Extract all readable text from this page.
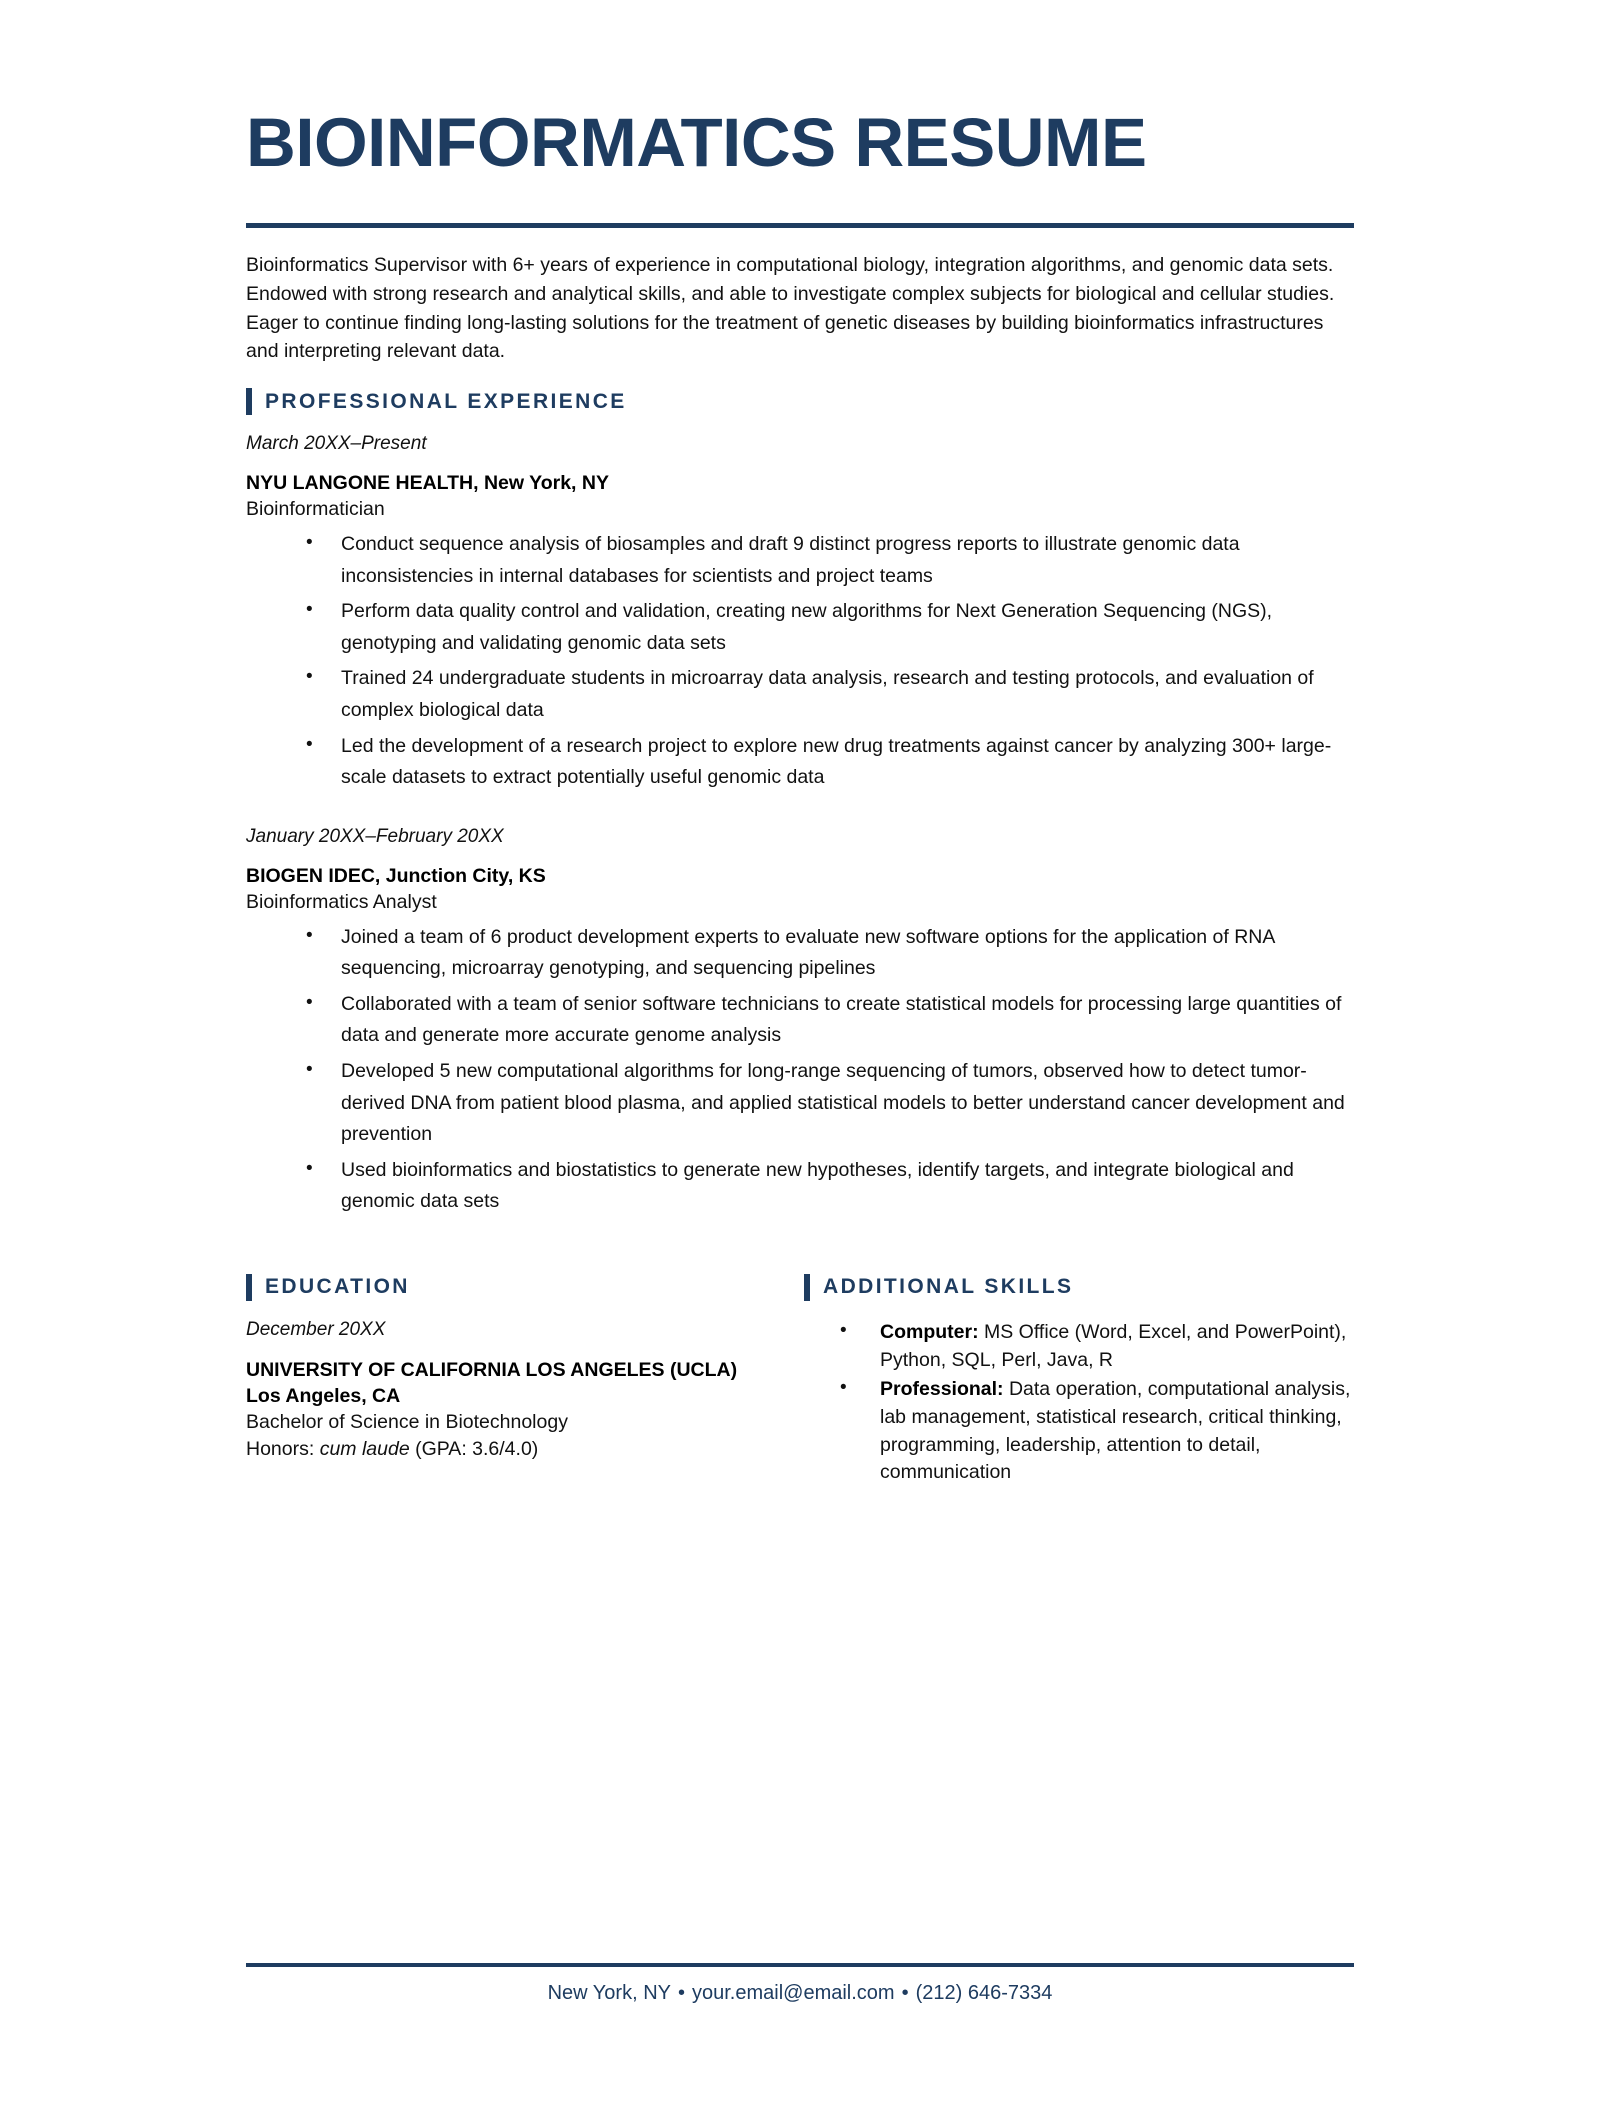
BIOINFORMATICS RESUME

Bioinformatics Supervisor with 6+ years of experience in computational biology, integration algorithms, and genomic data sets. Endowed with strong research and analytical skills, and able to investigate complex subjects for biological and cellular studies. Eager to continue finding long-lasting solutions for the treatment of genetic diseases by building bioinformatics infrastructures and interpreting relevant data.

PROFESSIONAL EXPERIENCE
March 20XX–Present
NYU LANGONE HEALTH, New York, NY
Bioinformatician
• Conduct sequence analysis of biosamples and draft 9 distinct progress reports to illustrate genomic data inconsistencies in internal databases for scientists and project teams
• Perform data quality control and validation, creating new algorithms for Next Generation Sequencing (NGS), genotyping and validating genomic data sets
• Trained 24 undergraduate students in microarray data analysis, research and testing protocols, and evaluation of complex biological data
• Led the development of a research project to explore new drug treatments against cancer by analyzing 300+ large-scale datasets to extract potentially useful genomic data
January 20XX–February 20XX
BIOGEN IDEC, Junction City, KS
Bioinformatics Analyst
• Joined a team of 6 product development experts to evaluate new software options for the application of RNA sequencing, microarray genotyping, and sequencing pipelines
• Collaborated with a team of senior software technicians to create statistical models for processing large quantities of data and generate more accurate genome analysis
• Developed 5 new computational algorithms for long-range sequencing of tumors, observed how to detect tumor-derived DNA from patient blood plasma, and applied statistical models to better understand cancer development and prevention
• Used bioinformatics and biostatistics to generate new hypotheses, identify targets, and integrate biological and genomic data sets
EDUCATION
December 20XX
UNIVERSITY OF CALIFORNIA LOS ANGELES (UCLA)
Los Angeles, CA
Bachelor of Science in Biotechnology
Honors: cum laude (GPA: 3.6/4.0)
ADDITIONAL SKILLS
• Computer: MS Office (Word, Excel, and PowerPoint), Python, SQL, Perl, Java, R
• Professional: Data operation, computational analysis, lab management, statistical research, critical thinking, programming, leadership, attention to detail, communication
New York, NY • your.email@email.com • (212) 646-7334
